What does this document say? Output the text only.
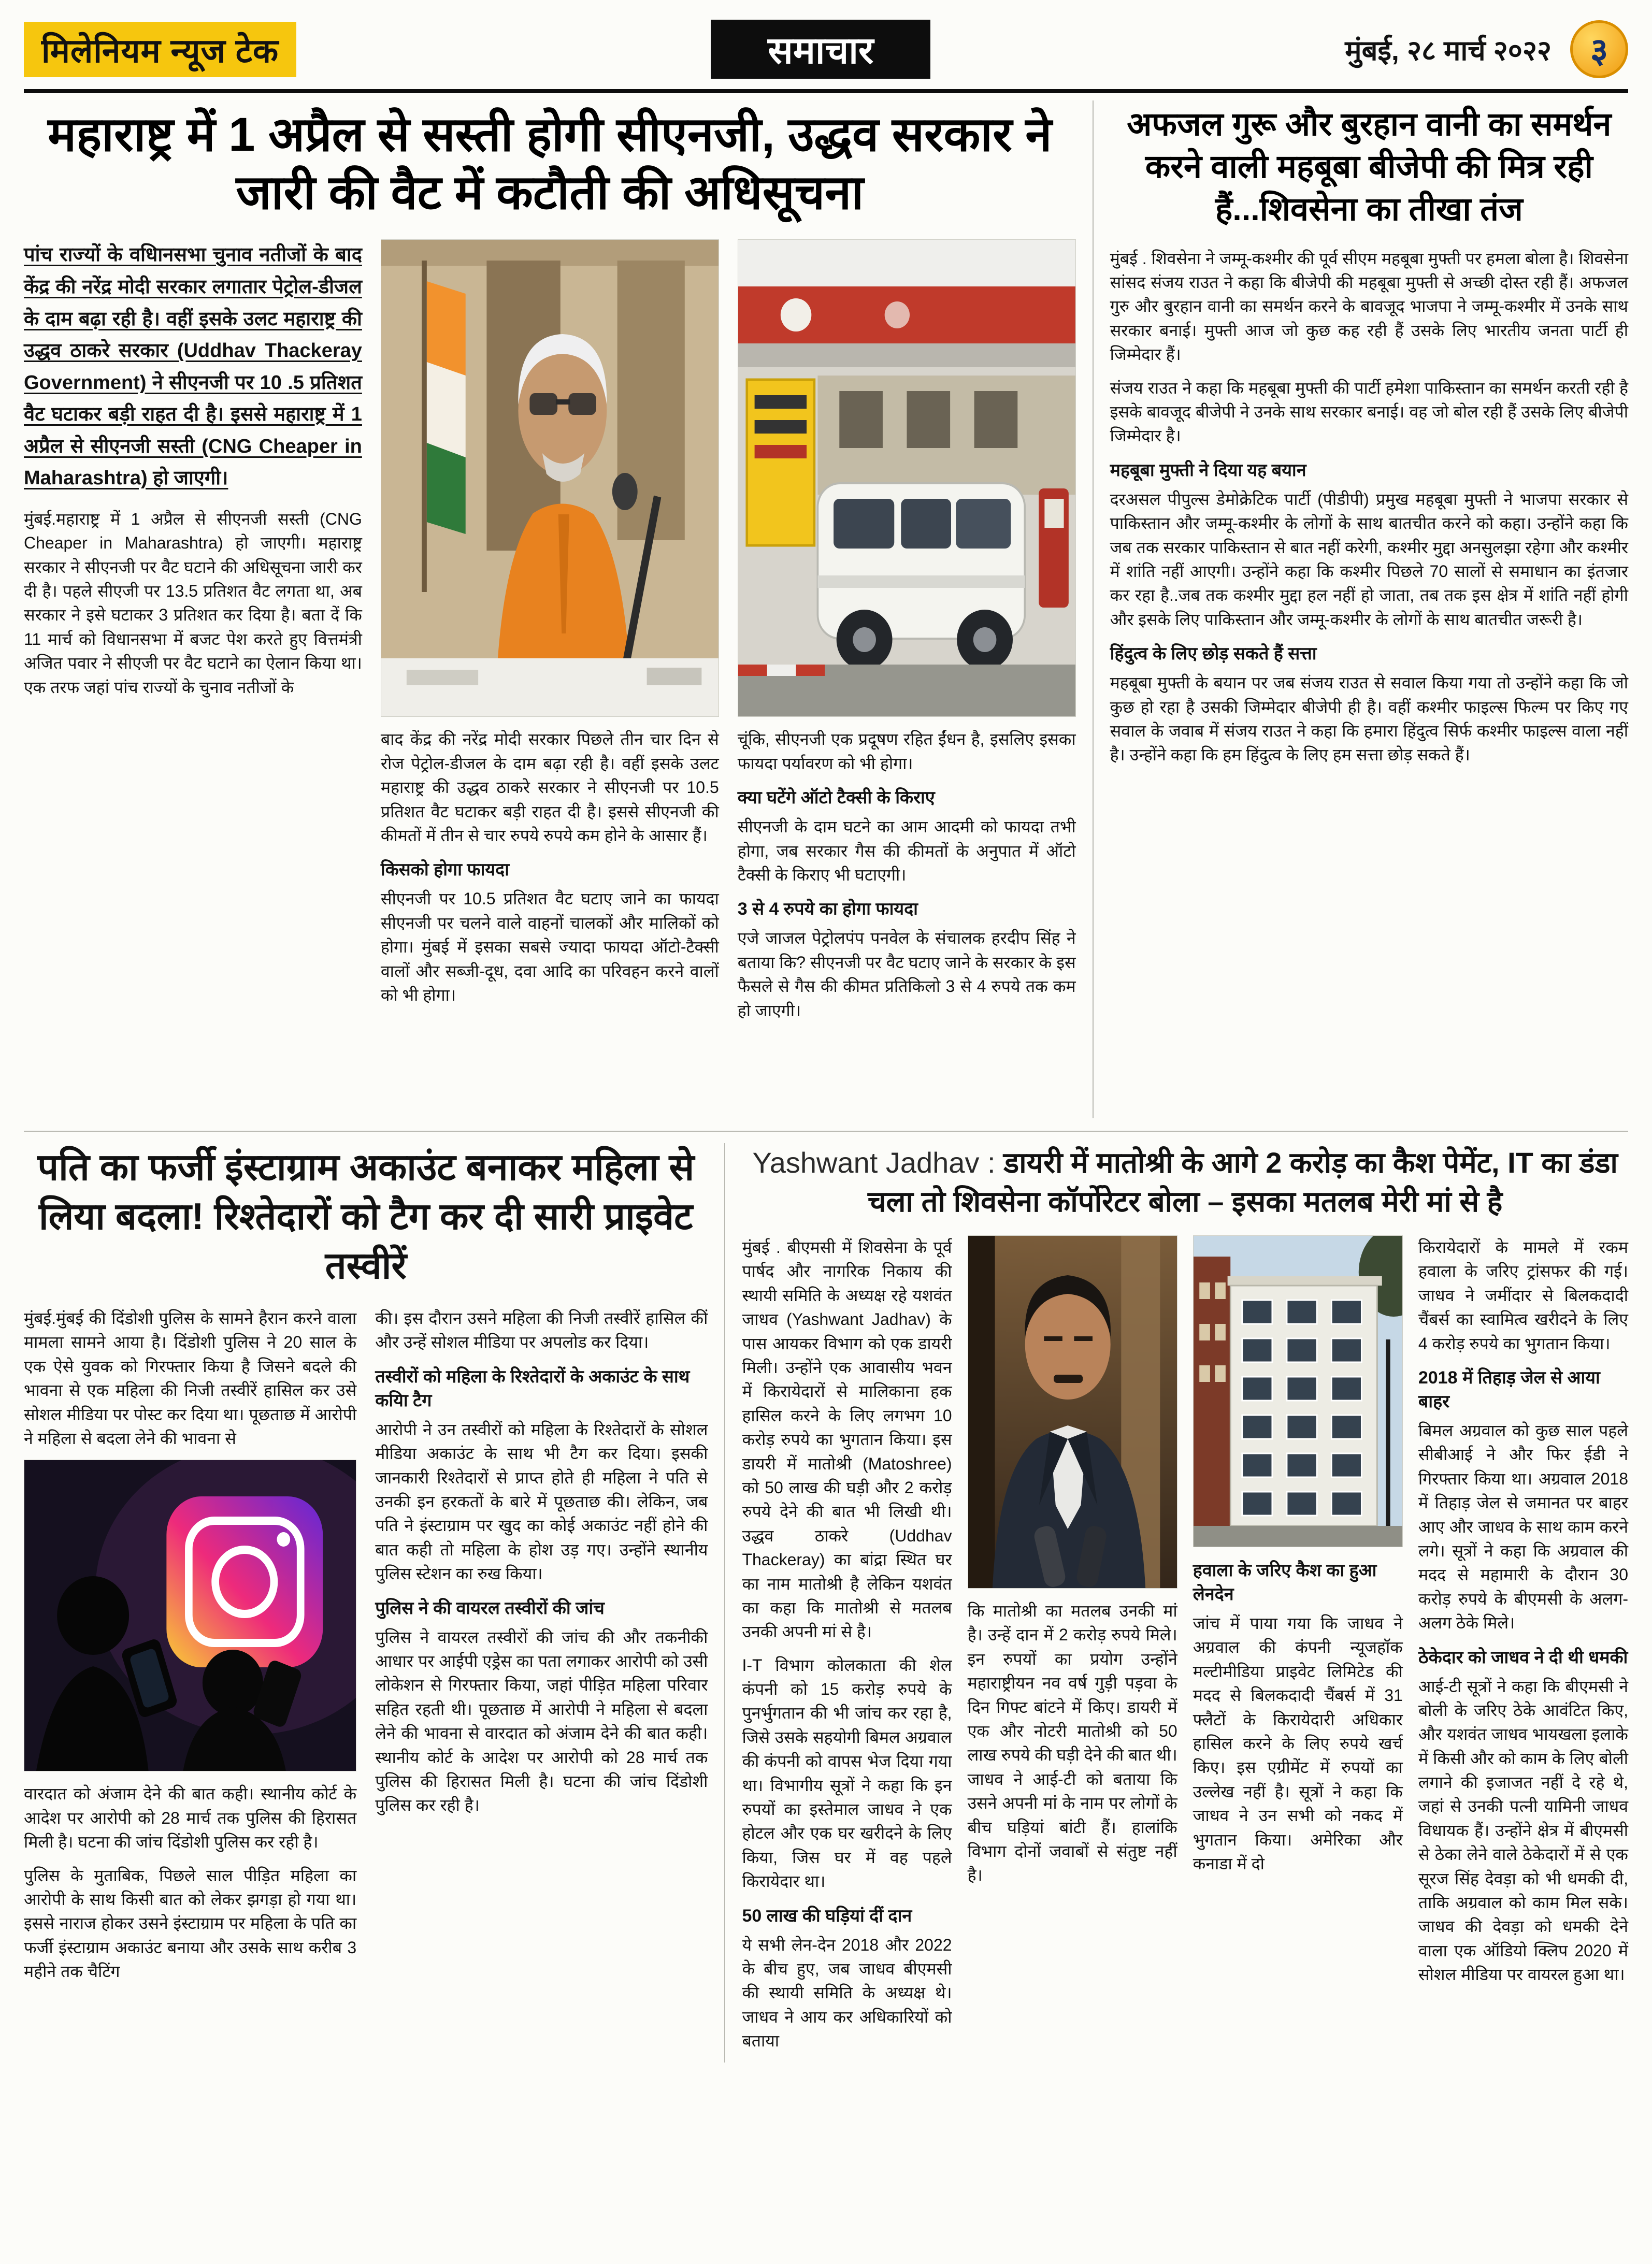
मिलेनियम न्यूज टेक	समाचार	मुंबई, २८ मार्च २०२२	३
महाराष्ट्र में 1 अप्रैल से सस्ती होगी सीएनजी, उद्धव सरकार ने जारी की वैट में कटौती की अधिसूचना

पांच राज्यों के वधिानसभा चुनाव नतीजों के बाद केंद्र की नरेंद्र मोदी सरकार लगातार पेट्रोल-डीजल के दाम बढ़ा रही है। वहीं इसके उलट महाराष्ट्र की उद्धव ठाकरे सरकार (Uddhav Thackeray Government) ने सीएनजी पर 10 .5 प्रतिशत वैट घटाकर बड़ी राहत दी है। इससे महाराष्ट्र में 1 अप्रैल से सीएनजी सस्ती (CNG Cheaper in Maharashtra) हो जाएगी।

मुंबई.महाराष्ट्र में 1 अप्रैल से सीएनजी सस्ती (CNG Cheaper in Maharashtra) हो जाएगी। महाराष्ट्र सरकार ने सीएनजी पर वैट घटाने की अधिसूचना जारी कर दी है। पहले सीएजी पर 13.5 प्रतिशत वैट लगता था, अब सरकार ने इसे घटाकर 3 प्रतिशत कर दिया है। बता दें कि 11 मार्च को विधानसभा में बजट पेश करते हुए वित्तमंत्री अजित पवार ने सीएजी पर वैट घटाने का ऐलान किया था। एक तरफ जहां पांच राज्यों के चुनाव नतीजों के

बाद केंद्र की नरेंद्र मोदी सरकार पिछले तीन चार दिन से रोज पेट्रोल-डीजल के दाम बढ़ा रही है। वहीं इसके उलट महाराष्ट्र की उद्धव ठाकरे सरकार ने सीएनजी पर 10.5 प्रतिशत वैट घटाकर बड़ी राहत दी है। इससे सीएनजी की कीमतों में तीन से चार रुपये रुपये कम होने के आसार हैं।

किसको होगा फायदा

सीएनजी पर 10.5 प्रतिशत वैट घटाए जाने का फायदा सीएनजी पर चलने वाले वाहनों चालकों और मालिकों को होगा। मुंबई में इसका सबसे ज्यादा फायदा ऑटो-टैक्सी वालों और सब्जी-दूध, दवा आदि का परिवहन करने वालों को भी होगा।

चूंकि, सीएनजी एक प्रदूषण रहित ईंधन है, इसलिए इसका फायदा पर्यावरण को भी होगा।

क्या घटेंगे ऑटो टैक्सी के किराए

सीएनजी के दाम घटने का आम आदमी को फायदा तभी होगा, जब सरकार गैस की कीमतों के अनुपात में ऑटो टैक्सी के किराए भी घटाएगी।

3 से 4 रुपये का होगा फायदा

एजे जाजल पेट्रोलपंप पनवेल के संचालक हरदीप सिंह ने बताया कि? सीएनजी पर वैट घटाए जाने के सरकार के इस फैसले से गैस की कीमत प्रतिकिलो 3 से 4 रुपये तक कम हो जाएगी।

अफजल गुरू और बुरहान वानी का समर्थन करने वाली महबूबा बीजेपी की मित्र रही हैं...शिवसेना का तीखा तंज

मुंबई . शिवसेना ने जम्मू-कश्मीर की पूर्व सीएम महबूबा मुफ्ती पर हमला बोला है। शिवसेना सांसद संजय राउत ने कहा कि बीजेपी की महबूबा मुफ्ती से अच्छी दोस्त रही हैं। अफजल गुरु और बुरहान वानी का समर्थन करने के बावजूद भाजपा ने जम्मू-कश्मीर में उनके साथ सरकार बनाई। मुफ्ती आज जो कुछ कह रही हैं उसके लिए भारतीय जनता पार्टी ही जिम्मेदार हैं।

संजय राउत ने कहा कि महबूबा मुफ्ती की पार्टी हमेशा पाकिस्तान का समर्थन करती रही है इसके बावजूद बीजेपी ने उनके साथ सरकार बनाई। वह जो बोल रही हैं उसके लिए बीजेपी जिम्मेदार है।

महबूबा मुफ्ती ने दिया यह बयान

दरअसल पीपुल्स डेमोक्रेटिक पार्टी (पीडीपी) प्रमुख महबूबा मुफ्ती ने भाजपा सरकार से पाकिस्तान और जम्मू-कश्मीर के लोगों के साथ बातचीत करने को कहा। उन्होंने कहा कि जब तक सरकार पाकिस्तान से बात नहीं करेगी, कश्मीर मुद्दा अनसुलझा रहेगा और कश्मीर में शांति नहीं आएगी। उन्होंने कहा कि कश्मीर पिछले 70 सालों से समाधान का इंतजार कर रहा है..जब तक कश्मीर मुद्दा हल नहीं हो जाता, तब तक इस क्षेत्र में शांति नहीं होगी और इसके लिए पाकिस्तान और जम्मू-कश्मीर के लोगों के साथ बातचीत जरूरी है।

हिंदुत्व के लिए छोड़ सकते हैं सत्ता

महबूबा मुफ्ती के बयान पर जब संजय राउत से सवाल किया गया तो उन्होंने कहा कि जो कुछ हो रहा है उसकी जिम्मेदार बीजेपी ही है। वहीं कश्मीर फाइल्स फिल्म पर किए गए सवाल के जवाब में संजय राउत ने कहा कि हमारा हिंदुत्व सिर्फ कश्मीर फाइल्स वाला नहीं है। उन्होंने कहा कि हम हिंदुत्व के लिए हम सत्ता छोड़ सकते हैं।

पति का फर्जी इंस्टाग्राम अकाउंट बनाकर महिला से लिया बदला! रिश्तेदारों को टैग कर दी सारी प्राइवेट तस्वीरें

मुंबई.मुंबई की दिंडोशी पुलिस के सामने हैरान करने वाला मामला सामने आया है। दिंडोशी पुलिस ने 20 साल के एक ऐसे युवक को गिरफ्तार किया है जिसने बदले की भावना से एक महिला की निजी तस्वीरें हासिल कर उसे सोशल मीडिया पर पोस्ट कर दिया था। पूछताछ में आरोपी ने महिला से बदला लेने की भावना से

वारदात को अंजाम देने की बात कही। स्थानीय कोर्ट के आदेश पर आरोपी को 28 मार्च तक पुलिस की हिरासत मिली है। घटना की जांच दिंडोशी पुलिस कर रही है।

पुलिस के मुताबिक, पिछले साल पीड़ित महिला का आरोपी के साथ किसी बात को लेकर झगड़ा हो गया था। इससे नाराज होकर उसने इंस्टाग्राम पर महिला के पति का फर्जी इंस्टाग्राम अकाउंट बनाया और उसके साथ करीब 3 महीने तक चैटिंग

की। इस दौरान उसने महिला की निजी तस्वीरें हासिल कीं और उन्हें सोशल मीडिया पर अपलोड कर दिया।

तस्वीरों को महिला के रिश्तेदारों के अकाउंट के साथ कयिा टैग

आरोपी ने उन तस्वीरों को महिला के रिश्तेदारों के सोशल मीडिया अकाउंट के साथ भी टैग कर दिया। इसकी जानकारी रिश्तेदारों से प्राप्त होते ही महिला ने पति से उनकी इन हरकतों के बारे में पूछताछ की। लेकिन, जब पति ने इंस्टाग्राम पर खुद का कोई अकाउंट नहीं होने की बात कही तो महिला के होश उड़ गए। उन्होंने स्थानीय पुलिस स्टेशन का रुख किया।

पुलिस ने की वायरल तस्वीरों की जांच

पुलिस ने वायरल तस्वीरों की जांच की और तकनीकी आधार पर आईपी एड्रेस का पता लगाकर आरोपी को उसी लोकेशन से गिरफ्तार किया, जहां पीड़ित महिला परिवार सहित रहती थी। पूछताछ में आरोपी ने महिला से बदला लेने की भावना से वारदात को अंजाम देने की बात कही। स्थानीय कोर्ट के आदेश पर आरोपी को 28 मार्च तक पुलिस की हिरासत मिली है। घटना की जांच दिंडोशी पुलिस कर रही है।

Yashwant Jadhav : डायरी में मातोश्री के आगे 2 करोड़ का कैश पेमेंट, IT का डंडा चला तो शिवसेना कॉर्पोरेटर बोला – इसका मतलब मेरी मां से है

मुंबई . बीएमसी में शिवसेना के पूर्व पार्षद और नागरिक निकाय की स्थायी समिति के अध्यक्ष रहे यशवंत जाधव (Yashwant Jadhav) के पास आयकर विभाग को एक डायरी मिली। उन्होंने एक आवासीय भवन में किरायेदारों से मालिकाना हक हासिल करने के लिए लगभग 10 करोड़ रुपये का भुगतान किया। इस डायरी में मातोश्री (Matoshree) को 50 लाख की घड़ी और 2 करोड़ रुपये देने की बात भी लिखी थी। उद्धव ठाकरे (Uddhav Thackeray) का बांद्रा स्थित घर का नाम मातोश्री है लेकिन यशवंत का कहा कि मातोश्री से मतलब उनकी अपनी मां से है।

I-T विभाग कोलकाता की शेल कंपनी को 15 करोड़ रुपये के पुनर्भुगतान की भी जांच कर रहा है, जिसे उसके सहयोगी बिमल अग्रवाल की कंपनी को वापस भेज दिया गया था। विभागीय सूत्रों ने कहा कि इन रुपयों का इस्तेमाल जाधव ने एक होटल और एक घर खरीदने के लिए किया, जिस घर में वह पहले किरायेदार था।

50 लाख की घड़ियां दीं दान

ये सभी लेन-देन 2018 और 2022 के बीच हुए, जब जाधव बीएमसी की स्थायी समिति के अध्यक्ष थे। जाधव ने आय कर अधिकारियों को बताया

कि मातोश्री का मतलब उनकी मां है। उन्हें दान में 2 करोड़ रुपये मिले। इन रुपयों का प्रयोग उन्होंने महाराष्ट्रीयन नव वर्ष गुड़ी पड़वा के दिन गिफ्ट बांटने में किए। डायरी में एक और नोटरी मातोश्री को 50 लाख रुपये की घड़ी देने की बात थी। जाधव ने आई-टी को बताया कि उसने अपनी मां के नाम पर लोगों के बीच घड़ियां बांटी हैं। हालांकि विभाग दोनों जवाबों से संतुष्ट नहीं है।

हवाला के जरिए कैश का हुआ लेनदेन

जांच में पाया गया कि जाधव ने अग्रवाल की कंपनी न्यूजहॉक मल्टीमीडिया प्राइवेट लिमिटेड की मदद से बिलकदादी चैंबर्स में 31 फ्लैटों के किरायेदारी अधिकार हासिल करने के लिए रुपये खर्च किए। इस एग्रीमेंट में रुपयों का उल्लेख नहीं है। सूत्रों ने कहा कि जाधव ने उन सभी को नकद में भुगतान किया। अमेरिका और कनाडा में दो

किरायेदारों के मामले में रकम हवाला के जरिए ट्रांसफर की गई। जाधव ने जमींदार से बिलकदादी चैंबर्स का स्वामित्व खरीदने के लिए 4 करोड़ रुपये का भुगतान किया।

2018 में तिहाड़ जेल से आया बाहर

बिमल अग्रवाल को कुछ साल पहले सीबीआई ने और फिर ईडी ने गिरफ्तार किया था। अग्रवाल 2018 में तिहाड़ जेल से जमानत पर बाहर आए और जाधव के साथ काम करने लगे। सूत्रों ने कहा कि अग्रवाल की मदद से महामारी के दौरान 30 करोड़ रुपये के बीएमसी के अलग-अलग ठेके मिले।

ठेकेदार को जाधव ने दी थी धमकी

आई-टी सूत्रों ने कहा कि बीएमसी ने बोली के जरिए ठेके आवंटित किए, और यशवंत जाधव भायखला इलाके में किसी और को काम के लिए बोली लगाने की इजाजत नहीं दे रहे थे, जहां से उनकी पत्नी यामिनी जाधव विधायक हैं। उन्होंने क्षेत्र में बीएमसी से ठेका लेने वाले ठेकेदारों में से एक सूरज सिंह देवड़ा को भी धमकी दी, ताकि अग्रवाल को काम मिल सके। जाधव की देवड़ा को धमकी देने वाला एक ऑडियो क्लिप 2020 में सोशल मीडिया पर वायरल हुआ था।
